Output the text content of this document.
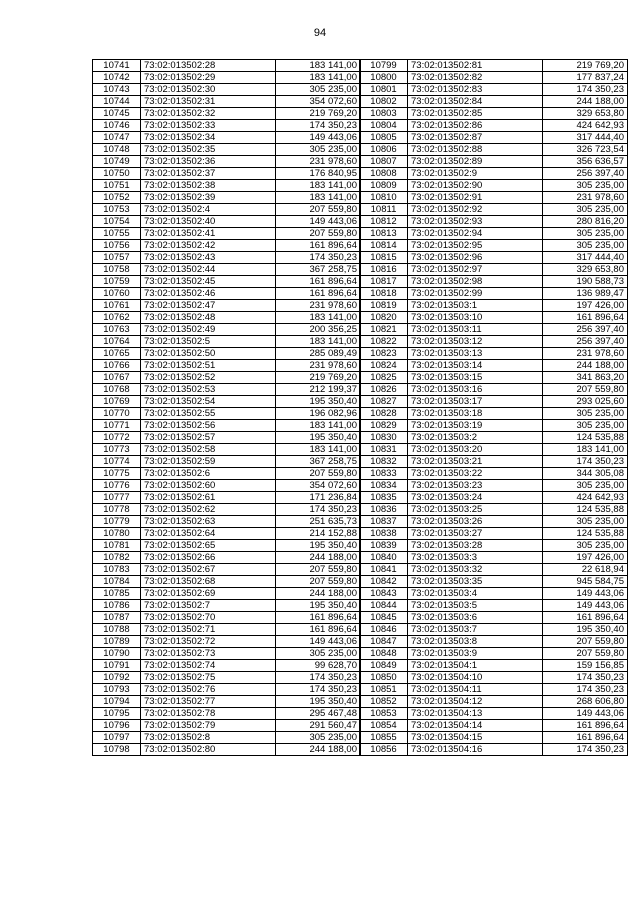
94
10741	73:02:013502:28	183 141,00
10742	73:02:013502:29	183 141,00
10743	73:02:013502:30	305 235,00
10744	73:02:013502:31	354 072,60
10745	73:02:013502:32	219 769,20
10746	73:02:013502:33	174 350,23
10747	73:02:013502:34	149 443,06
10748	73:02:013502:35	305 235,00
10749	73:02:013502:36	231 978,60
10750	73:02:013502:37	176 840,95
10751	73:02:013502:38	183 141,00
10752	73:02:013502:39	183 141,00
10753	73:02:013502:4	207 559,80
10754	73:02:013502:40	149 443,06
10755	73:02:013502:41	207 559,80
10756	73:02:013502:42	161 896,64
10757	73:02:013502:43	174 350,23
10758	73:02:013502:44	367 258,75
10759	73:02:013502:45	161 896,64
10760	73:02:013502:46	161 896,64
10761	73:02:013502:47	231 978,60
10762	73:02:013502:48	183 141,00
10763	73:02:013502:49	200 356,25
10764	73:02:013502:5	183 141,00
10765	73:02:013502:50	285 089,49
10766	73:02:013502:51	231 978,60
10767	73:02:013502:52	219 769,20
10768	73:02:013502:53	212 199,37
10769	73:02:013502:54	195 350,40
10770	73:02:013502:55	196 082,96
10771	73:02:013502:56	183 141,00
10772	73:02:013502:57	195 350,40
10773	73:02:013502:58	183 141,00
10774	73:02:013502:59	367 258,75
10775	73:02:013502:6	207 559,80
10776	73:02:013502:60	354 072,60
10777	73:02:013502:61	171 236,84
10778	73:02:013502:62	174 350,23
10779	73:02:013502:63	251 635,73
10780	73:02:013502:64	214 152,88
10781	73:02:013502:65	195 350,40
10782	73:02:013502:66	244 188,00
10783	73:02:013502:67	207 559,80
10784	73:02:013502:68	207 559,80
10785	73:02:013502:69	244 188,00
10786	73:02:013502:7	195 350,40
10787	73:02:013502:70	161 896,64
10788	73:02:013502:71	161 896,64
10789	73:02:013502:72	149 443,06
10790	73:02:013502:73	305 235,00
10791	73:02:013502:74	99 628,70
10792	73:02:013502:75	174 350,23
10793	73:02:013502:76	174 350,23
10794	73:02:013502:77	195 350,40
10795	73:02:013502:78	295 467,48
10796	73:02:013502:79	291 560,47
10797	73:02:013502:8	305 235,00
10798	73:02:013502:80	244 188,00
10799	73:02:013502:81	219 769,20
10800	73:02:013502:82	177 837,24
10801	73:02:013502:83	174 350,23
10802	73:02:013502:84	244 188,00
10803	73:02:013502:85	329 653,80
10804	73:02:013502:86	424 642,93
10805	73:02:013502:87	317 444,40
10806	73:02:013502:88	326 723,54
10807	73:02:013502:89	356 636,57
10808	73:02:013502:9	256 397,40
10809	73:02:013502:90	305 235,00
10810	73:02:013502:91	231 978,60
10811	73:02:013502:92	305 235,00
10812	73:02:013502:93	280 816,20
10813	73:02:013502:94	305 235,00
10814	73:02:013502:95	305 235,00
10815	73:02:013502:96	317 444,40
10816	73:02:013502:97	329 653,80
10817	73:02:013502:98	190 588,73
10818	73:02:013502:99	136 989,47
10819	73:02:013503:1	197 426,00
10820	73:02:013503:10	161 896,64
10821	73:02:013503:11	256 397,40
10822	73:02:013503:12	256 397,40
10823	73:02:013503:13	231 978,60
10824	73:02:013503:14	244 188,00
10825	73:02:013503:15	341 863,20
10826	73:02:013503:16	207 559,80
10827	73:02:013503:17	293 025,60
10828	73:02:013503:18	305 235,00
10829	73:02:013503:19	305 235,00
10830	73:02:013503:2	124 535,88
10831	73:02:013503:20	183 141,00
10832	73:02:013503:21	174 350,23
10833	73:02:013503:22	344 305,08
10834	73:02:013503:23	305 235,00
10835	73:02:013503:24	424 642,93
10836	73:02:013503:25	124 535,88
10837	73:02:013503:26	305 235,00
10838	73:02:013503:27	124 535,88
10839	73:02:013503:28	305 235,00
10840	73:02:013503:3	197 426,00
10841	73:02:013503:32	22 618,94
10842	73:02:013503:35	945 584,75
10843	73:02:013503:4	149 443,06
10844	73:02:013503:5	149 443,06
10845	73:02:013503:6	161 896,64
10846	73:02:013503:7	195 350,40
10847	73:02:013503:8	207 559,80
10848	73:02:013503:9	207 559,80
10849	73:02:013504:1	159 156,85
10850	73:02:013504:10	174 350,23
10851	73:02:013504:11	174 350,23
10852	73:02:013504:12	268 606,80
10853	73:02:013504:13	149 443,06
10854	73:02:013504:14	161 896,64
10855	73:02:013504:15	161 896,64
10856	73:02:013504:16	174 350,23
